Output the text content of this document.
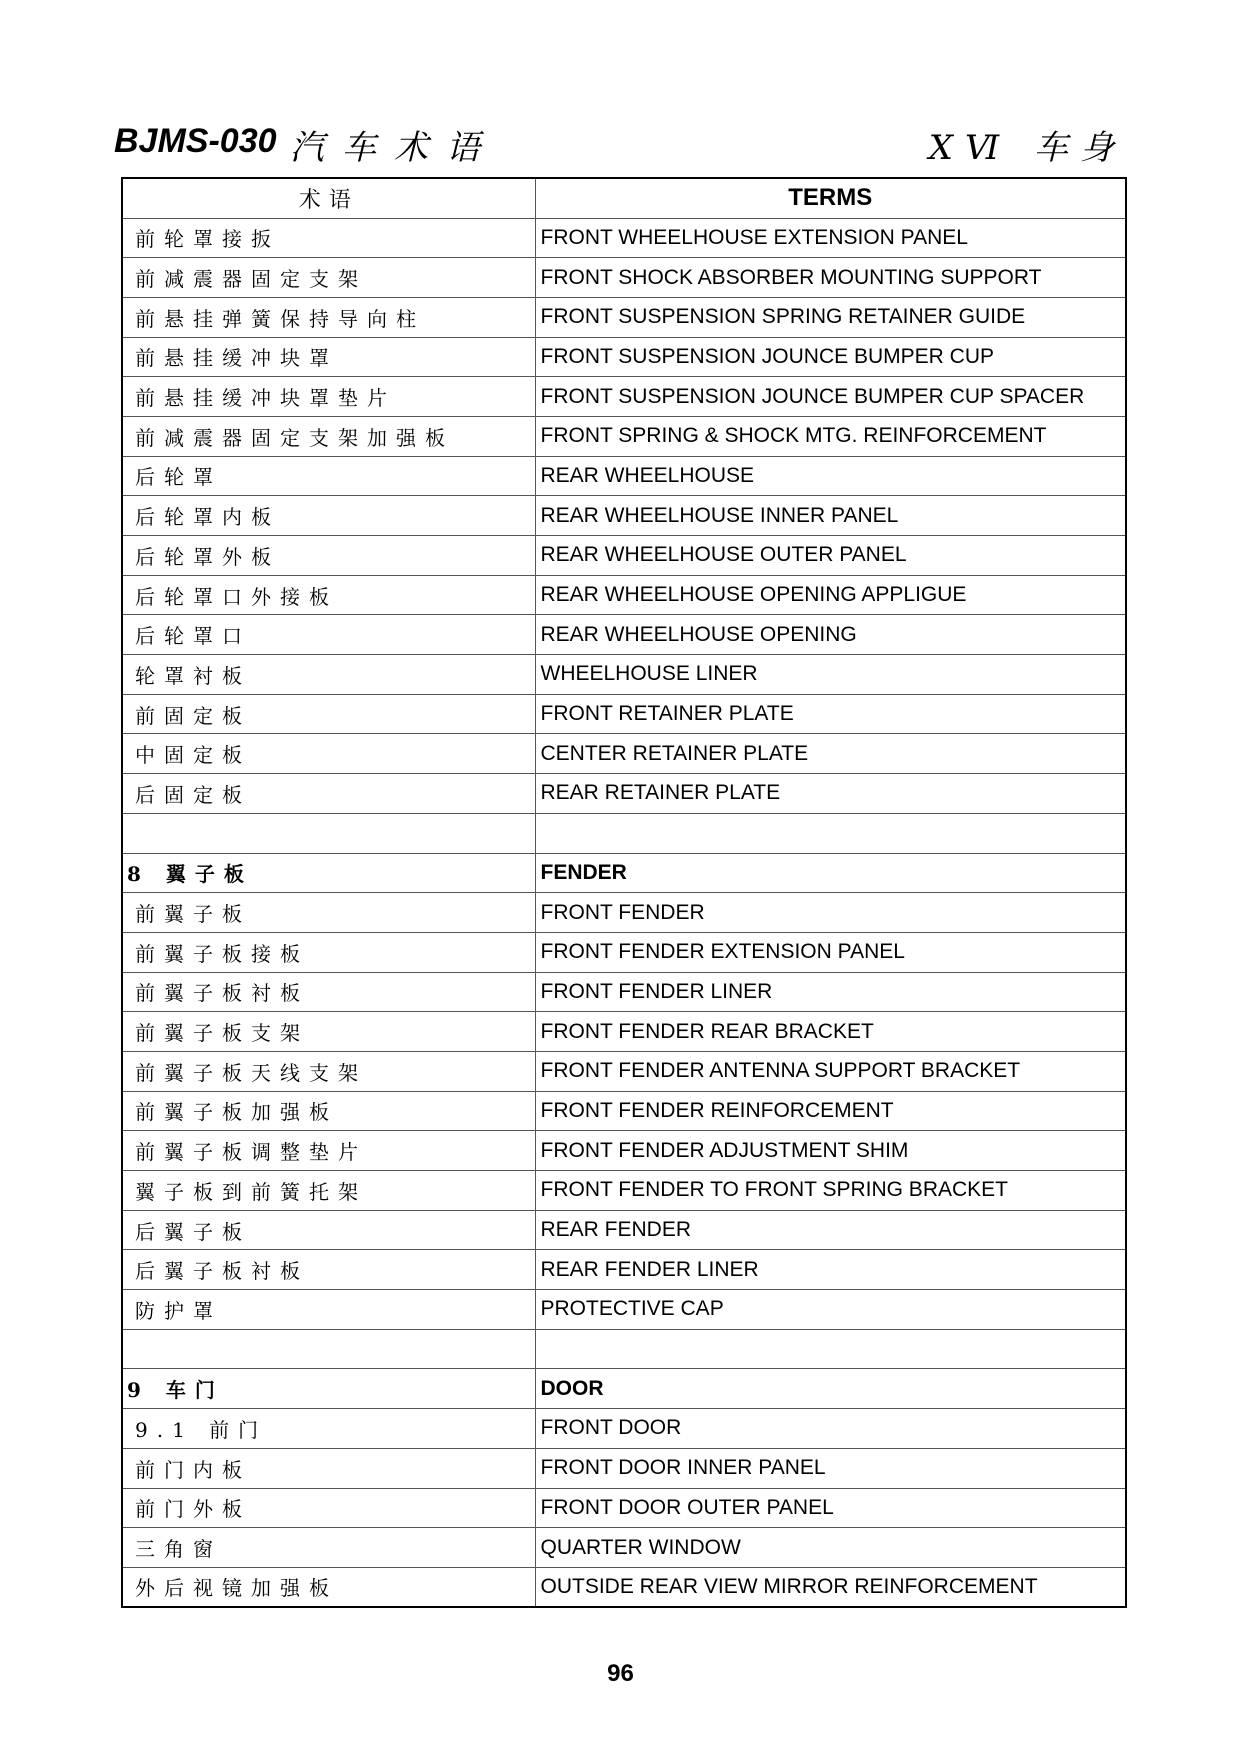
BJMS-030 汽车术语	XⅥ 车身
术语	TERMS
前轮罩接扳	FRONT WHEELHOUSE EXTENSION PANEL
前减震器固定支架	FRONT SHOCK ABSORBER MOUNTING SUPPORT
前悬挂弹簧保持导向柱	FRONT SUSPENSION SPRING RETAINER GUIDE
前悬挂缓冲块罩	FRONT SUSPENSION JOUNCE BUMPER CUP
前悬挂缓冲块罩垫片	FRONT SUSPENSION JOUNCE BUMPER CUP SPACER
前减震器固定支架加强板	FRONT SPRING & SHOCK MTG. REINFORCEMENT
后轮罩	REAR WHEELHOUSE
后轮罩内板	REAR WHEELHOUSE INNER PANEL
后轮罩外板	REAR WHEELHOUSE OUTER PANEL
后轮罩口外接板	REAR WHEELHOUSE OPENING APPLIGUE
后轮罩口	REAR WHEELHOUSE OPENING
轮罩衬板	WHEELHOUSE LINER
前固定板	FRONT RETAINER PLATE
中固定板	CENTER RETAINER PLATE
后固定板	REAR RETAINER PLATE

8 翼子板	FENDER
前翼子板	FRONT FENDER
前翼子板接板	FRONT FENDER EXTENSION PANEL
前翼子板衬板	FRONT FENDER LINER
前翼子板支架	FRONT FENDER REAR BRACKET
前翼子板天线支架	FRONT FENDER ANTENNA SUPPORT BRACKET
前翼子板加强板	FRONT FENDER REINFORCEMENT
前翼子板调整垫片	FRONT FENDER ADJUSTMENT SHIM
翼子板到前簧托架	FRONT FENDER TO FRONT SPRING BRACKET
后翼子板	REAR FENDER
后翼子板衬板	REAR FENDER LINER
防护罩	PROTECTIVE CAP

9 车门	DOOR
9.1 前门	FRONT DOOR
前门内板	FRONT DOOR INNER PANEL
前门外板	FRONT DOOR OUTER PANEL
三角窗	QUARTER WINDOW
外后视镜加强板	OUTSIDE REAR VIEW MIRROR REINFORCEMENT
96
